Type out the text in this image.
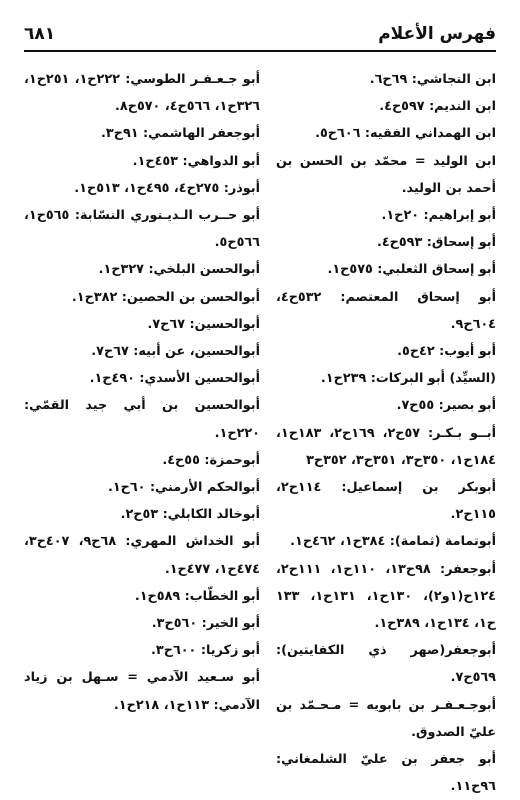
فهرس الأعلام
٦٨١
ابن النجاشي: ٦٩ح٦.
ابن النديم: ٥٩٧ح٤.
ابن الهمداني الفقيه: ٦٠٦ح٥.
ابن الوليد = محمّد بن الحسن بن أحمد بن الوليد.
أبو إبراهيم: ٢٠ح١.
أبو إسحاق: ٥٩٣ح٤.
أبو إسحاق الثعلبي: ٥٧٥ح١.
أبو إسحاق المعتصم: ٥٣٢ح٤، ٦٠٤ح٩.
أبو أيوب: ٤٢ح٥.
(السيِّد) أبو البركات: ٢٣٩ح١.
أبو بصير: ٥٥ح٧.
أبــو بـكـر: ٥٧ح٢، ١٦٩ح٢، ١٨٣ح١، ١٨٤ح١، ٣٥٠ح٣، ٣٥١ح٣، ٣٥٢ح٣
أبوبكر بن إسماعيل: ١١٤ح٢، ١١٥ح٢.
أبوتمامة (ثمامة): ٣٨٤ح١، ٤٦٢ح١.
أبوجعفر: ٩٨ح١٣، ١١٠ح١، ١١١ح٢، ١٢٤ح(١و٢)، ١٣٠ح١، ١٣١ح١، ١٣٣ ح١، ١٣٤ح١، ٣٨٩ح١.
أبوجعفر(صهر ذي الكفايتين): ٥٦٩ح٧.
أبوجـعـفـر بن بابويه = مـحـمّد بن عليّ الصدوق.
أبو جعفر بن عليّ الشلمغاني: ٩٦ح١١.
أبو جـعـفـر الطوسي: ٢٢٢ح١، ٢٥١ح١، ٣٢٦ح١، ٥٦٦ح٤، ٥٧٠ح٨.
أبوجعفر الهاشمي: ٩١ح٣.
أبو الدواهي: ٤٥٣ح١.
أبوذر: ٢٧٥ح٤، ٤٩٥ح١، ٥١٣ح١.
أبو حــرب الـديـنوري النسّابة: ٥٦٥ح١، ٥٦٦ح٥.
أبوالحسن البلخي: ٣٢٧ح١.
أبوالحسن بن الحصين: ٣٨٢ح١.
أبوالحسين: ٦٧ح٧.
أبوالحسين، عن أبيه: ٦٧ح٧.
أبوالحسين الأسدي: ٤٩٠ح١.
أبوالحسين بن أبي جيد القمّي: ٢٢٠ح١.
أبوحمزة: ٥٥ح٤.
أبوالحكم الأرمني: ٦٠ح١.
أبوخالد الكابلي: ٥٣ح٢.
أبو الخداش المهري: ٦٨ح٩، ٤٠٧ح٣، ٤٧٤ح١، ٤٧٧ح١.
أبو الخطّاب: ٥٨٩ح١.
أبو الخير: ٥٦٠ح٣.
أبو زكريا: ٦٠٠ح٣.
أبو سـعيد الآدمي = سـهل بن زياد الآدمي: ١١٣ح١، ٢١٨ح١.
